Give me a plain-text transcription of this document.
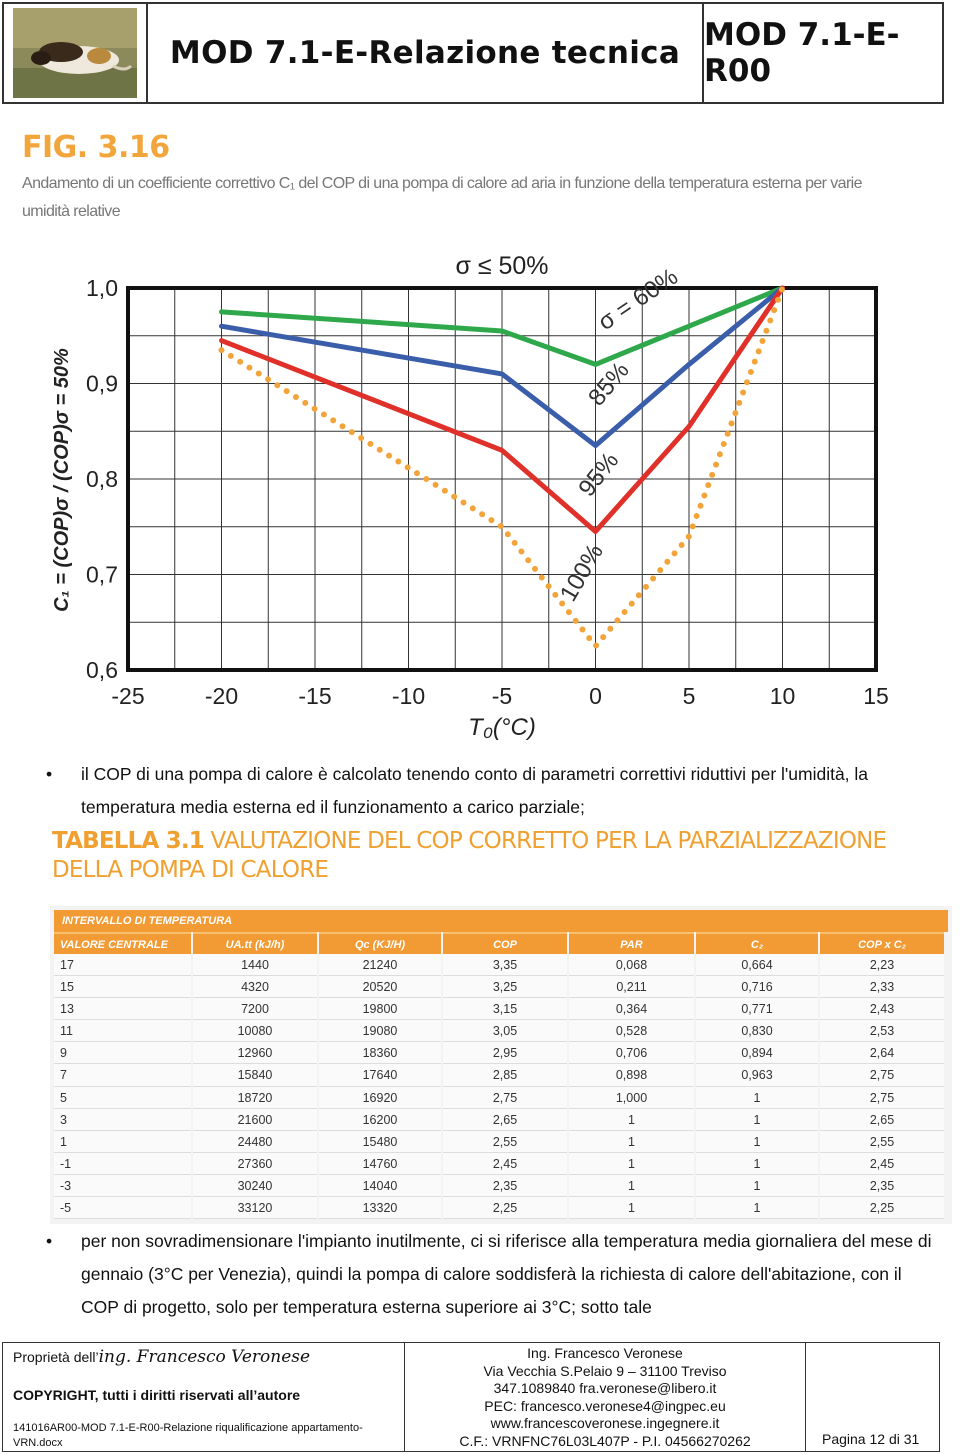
MOD 7.1-E-Relazione tecnica MOD 7.1-E-R00
FIG. 3.16
Andamento di un coefficiente correttivo C₁ del COP di una pompa di calore ad aria in funzione della temperatura esterna per varie umidità relative
-25	-20	-15	-10	-5	0	5	10	15
0,6
0,7
0,8
0,9
1,0
σ ≤ 50%
T₀(°C)
C₁ = (COP)σ / (COP)σ = 50%
σ = 60%
85%
95%
100%
• il COP di una pompa di calore è calcolato tenendo conto di parametri correttivi riduttivi per l'umidità, la temperatura media esterna ed il funzionamento a carico parziale;
TABELLA 3.1 VALUTAZIONE DEL COP CORRETTO PER LA PARZIALIZZAZIONE
DELLA POMPA DI CALORE
INTERVALLO DI TEMPERATURA
VALORE CENTRALE	UA.tt (kJ/h)	Qc (KJ/H)	COP	PAR	C₂	COP x C₂
17	1440	21240	3,35	0,068	0,664	2,23
15	4320	20520	3,25	0,211	0,716	2,33
13	7200	19800	3,15	0,364	0,771	2,43
11	10080	19080	3,05	0,528	0,830	2,53
9	12960	18360	2,95	0,706	0,894	2,64
7	15840	17640	2,85	0,898	0,963	2,75
5	18720	16920	2,75	1,000	1	2,75
3	21600	16200	2,65	1	1	2,65
1	24480	15480	2,55	1	1	2,55
-1	27360	14760	2,45	1	1	2,45
-3	30240	14040	2,35	1	1	2,35
-5	33120	13320	2,25	1	1	2,25
• per non sovradimensionare l'impianto inutilmente, ci si riferisce alla temperatura media giornaliera del mese di gennaio (3°C per Venezia), quindi la pompa di calore soddisferà la richiesta di calore dell'abitazione, con il COP di progetto, solo per temperatura esterna superiore ai 3°C; sotto tale
Proprietà dell’ing. Francesco Veronese
COPYRIGHT, tutti i diritti riservati all’autore
141016AR00-MOD 7.1-E-R00-Relazione riqualificazione appartamento-VRN.docx
Ing. Francesco Veronese
Via Vecchia S.Pelaio 9 – 31100 Treviso
347.1089840 fra.veronese@libero.it
PEC: francesco.veronese4@ingpec.eu
www.francescoveronese.ingegnere.it
C.F.: VRNFNC76L03L407P - P.I. 04566270262	Pagina 12 di 31
